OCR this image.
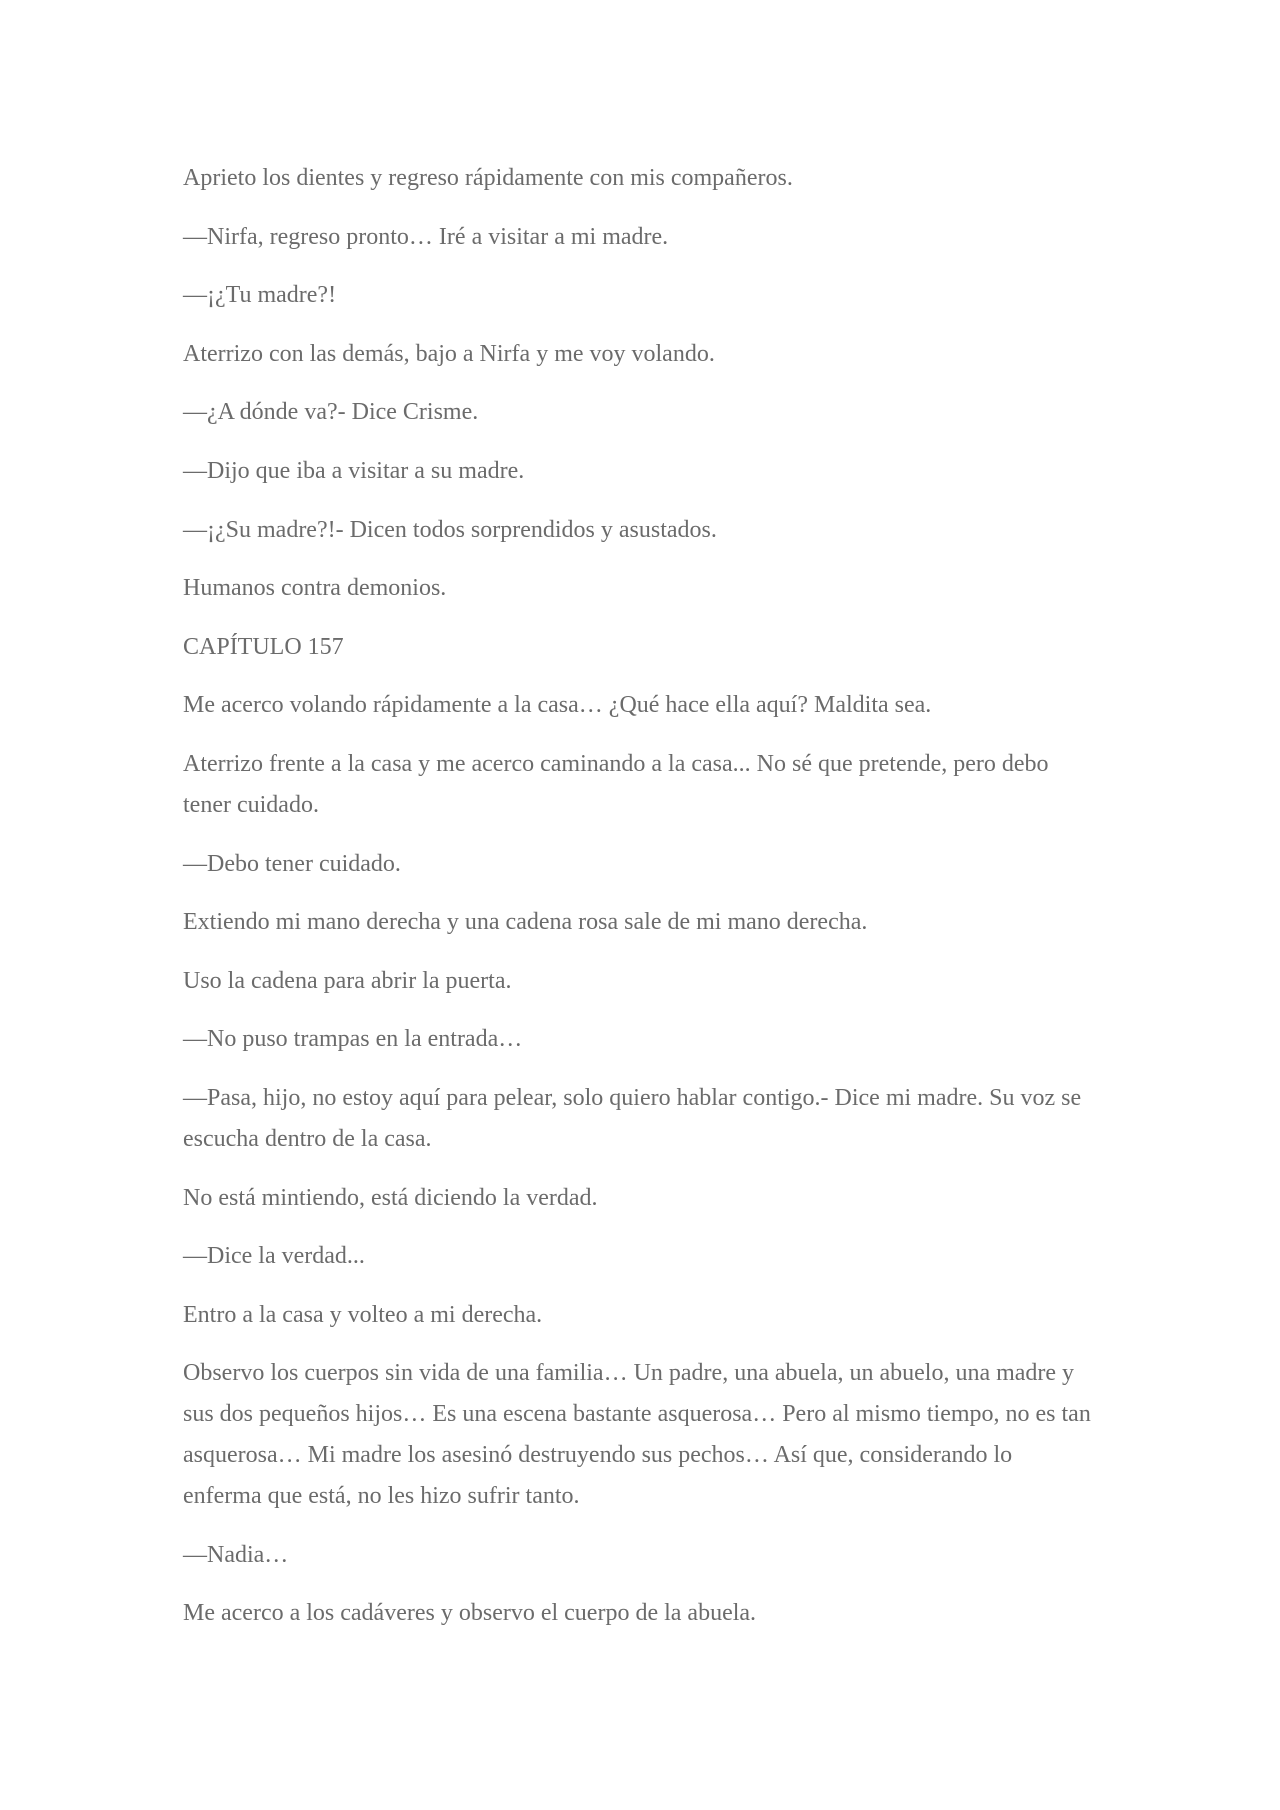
Aprieto los dientes y regreso rápidamente con mis compañeros.

—Nirfa, regreso pronto… Iré a visitar a mi madre.

—¡¿Tu madre?!

Aterrizo con las demás, bajo a Nirfa y me voy volando.

—¿A dónde va?- Dice Crisme.

—Dijo que iba a visitar a su madre.

—¡¿Su madre?!- Dicen todos sorprendidos y asustados.

Humanos contra demonios.

CAPÍTULO 157

Me acerco volando rápidamente a la casa… ¿Qué hace ella aquí? Maldita sea.

Aterrizo frente a la casa y me acerco caminando a la casa... No sé que pretende, pero debo tener cuidado.

—Debo tener cuidado.

Extiendo mi mano derecha y una cadena rosa sale de mi mano derecha.

Uso la cadena para abrir la puerta.

—No puso trampas en la entrada…

—Pasa, hijo, no estoy aquí para pelear, solo quiero hablar contigo.- Dice mi madre. Su voz se escucha dentro de la casa.

No está mintiendo, está diciendo la verdad.

—Dice la verdad...

Entro a la casa y volteo a mi derecha.

Observo los cuerpos sin vida de una familia… Un padre, una abuela, un abuelo, una madre y sus dos pequeños hijos… Es una escena bastante asquerosa… Pero al mismo tiempo, no es tan asquerosa… Mi madre los asesinó destruyendo sus pechos… Así que, considerando lo enferma que está, no les hizo sufrir tanto.

—Nadia…

Me acerco a los cadáveres y observo el cuerpo de la abuela.
